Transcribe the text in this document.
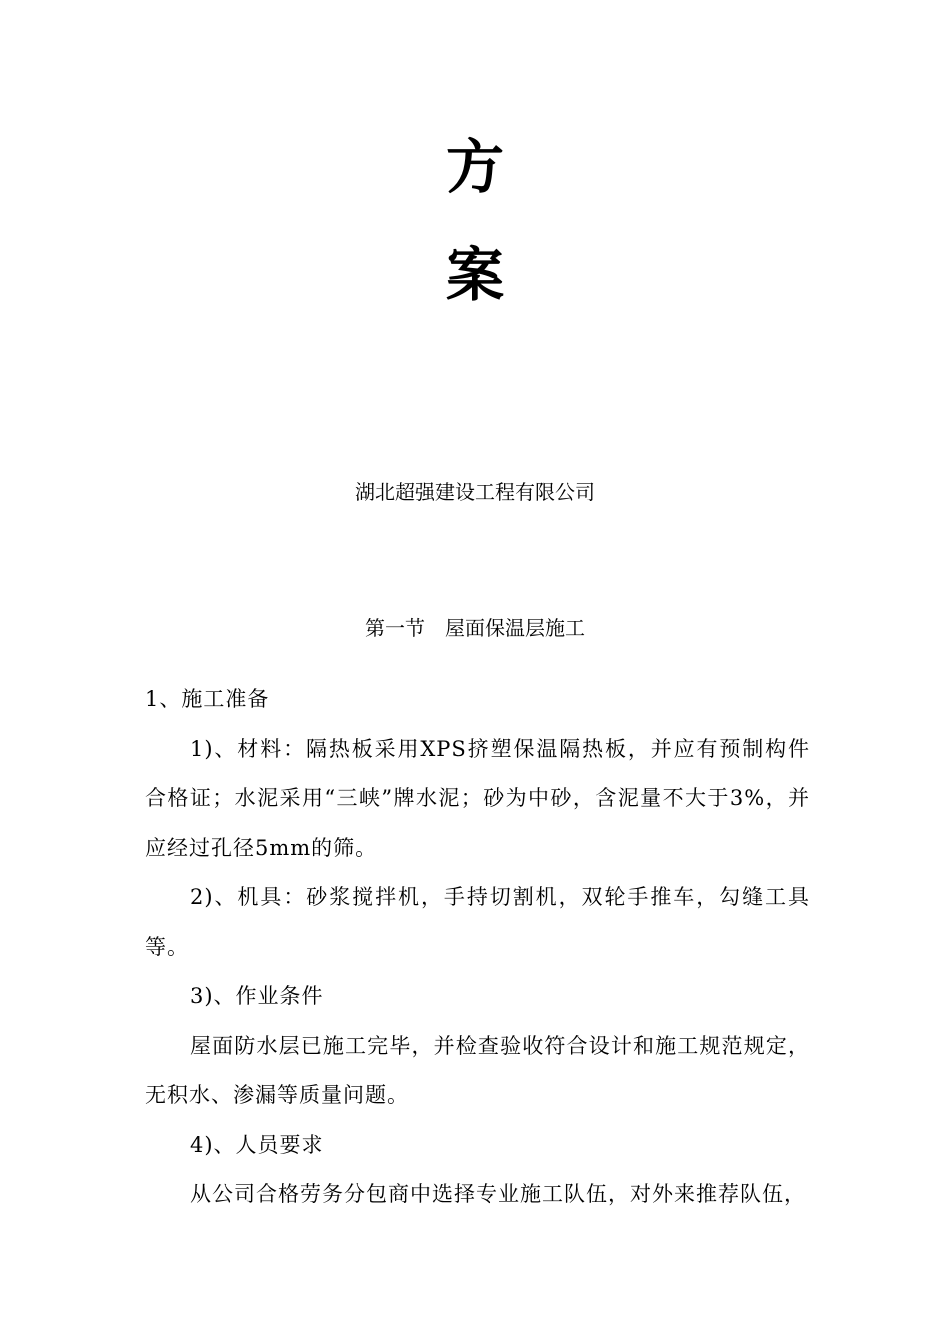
方
案
湖北超强建设工程有限公司
第一节　屋面保温层施工

1、施工准备

1)、材料：隔热板采用XPS挤塑保温隔热板，并应有预制构件合格证；水泥采用“三峡”牌水泥；砂为中砂，含泥量不大于3%，并应经过孔径5mm的筛。

2)、机具：砂浆搅拌机，手持切割机，双轮手推车，勾缝工具等。

3)、作业条件

屋面防水层已施工完毕，并检查验收符合设计和施工规范规定，无积水、渗漏等质量问题。

4)、人员要求

从公司合格劳务分包商中选择专业施工队伍，对外来推荐队伍，
